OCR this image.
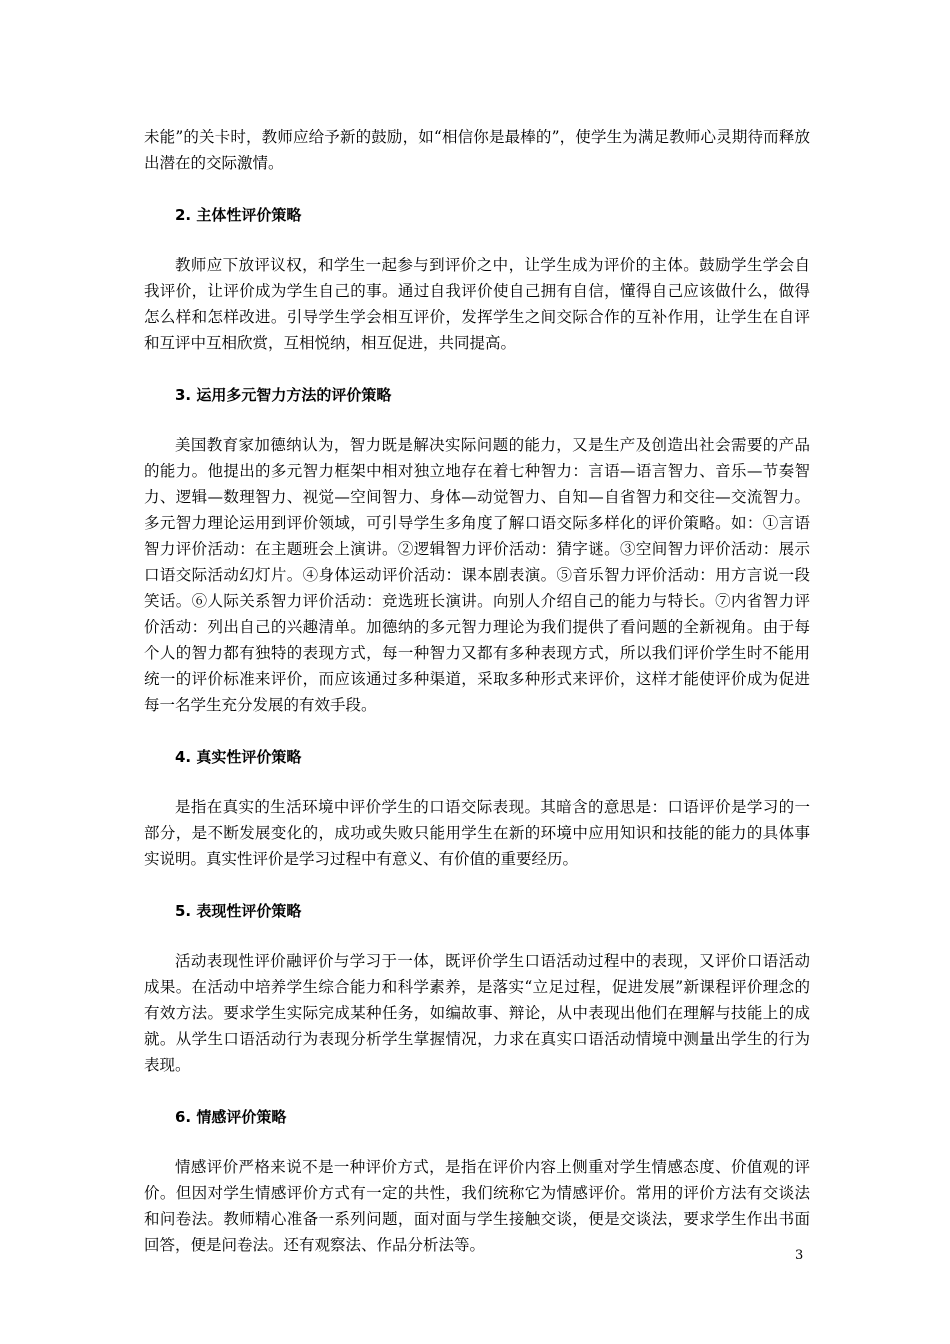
未能”的关卡时，教师应给予新的鼓励，如“相信你是最棒的”，使学生为满足教师心灵期待而释放出潜在的交际激情。

2. 主体性评价策略

教师应下放评议权，和学生一起参与到评价之中，让学生成为评价的主体。鼓励学生学会自我评价，让评价成为学生自己的事。通过自我评价使自己拥有自信，懂得自己应该做什么，做得怎么样和怎样改进。引导学生学会相互评价，发挥学生之间交际合作的互补作用，让学生在自评和互评中互相欣赏，互相悦纳，相互促进，共同提高。

3. 运用多元智力方法的评价策略

美国教育家加德纳认为，智力既是解决实际问题的能力，又是生产及创造出社会需要的产品的能力。他提出的多元智力框架中相对独立地存在着七种智力：言语—语言智力、音乐—节奏智力、逻辑—数理智力、视觉—空间智力、身体—动觉智力、自知—自省智力和交往—交流智力。多元智力理论运用到评价领域，可引导学生多角度了解口语交际多样化的评价策略。如：①言语智力评价活动：在主题班会上演讲。②逻辑智力评价活动：猜字谜。③空间智力评价活动：展示口语交际活动幻灯片。④身体运动评价活动：课本剧表演。⑤音乐智力评价活动：用方言说一段笑话。⑥人际关系智力评价活动：竞选班长演讲。向别人介绍自己的能力与特长。⑦内省智力评价活动：列出自己的兴趣清单。加德纳的多元智力理论为我们提供了看问题的全新视角。由于每个人的智力都有独特的表现方式，每一种智力又都有多种表现方式，所以我们评价学生时不能用统一的评价标准来评价，而应该通过多种渠道，采取多种形式来评价，这样才能使评价成为促进每一名学生充分发展的有效手段。

4. 真实性评价策略

是指在真实的生活环境中评价学生的口语交际表现。其暗含的意思是：口语评价是学习的一部分，是不断发展变化的，成功或失败只能用学生在新的环境中应用知识和技能的能力的具体事实说明。真实性评价是学习过程中有意义、有价值的重要经历。

5. 表现性评价策略

活动表现性评价融评价与学习于一体，既评价学生口语活动过程中的表现，又评价口语活动成果。在活动中培养学生综合能力和科学素养，是落实“立足过程，促进发展”新课程评价理念的有效方法。要求学生实际完成某种任务，如编故事、辩论，从中表现出他们在理解与技能上的成就。从学生口语活动行为表现分析学生掌握情况，力求在真实口语活动情境中测量出学生的行为表现。

6. 情感评价策略

情感评价严格来说不是一种评价方式，是指在评价内容上侧重对学生情感态度、价值观的评价。但因对学生情感评价方式有一定的共性，我们统称它为情感评价。常用的评价方法有交谈法和问卷法。教师精心准备一系列问题，面对面与学生接触交谈，便是交谈法，要求学生作出书面回答，便是问卷法。还有观察法、作品分析法等。

3
